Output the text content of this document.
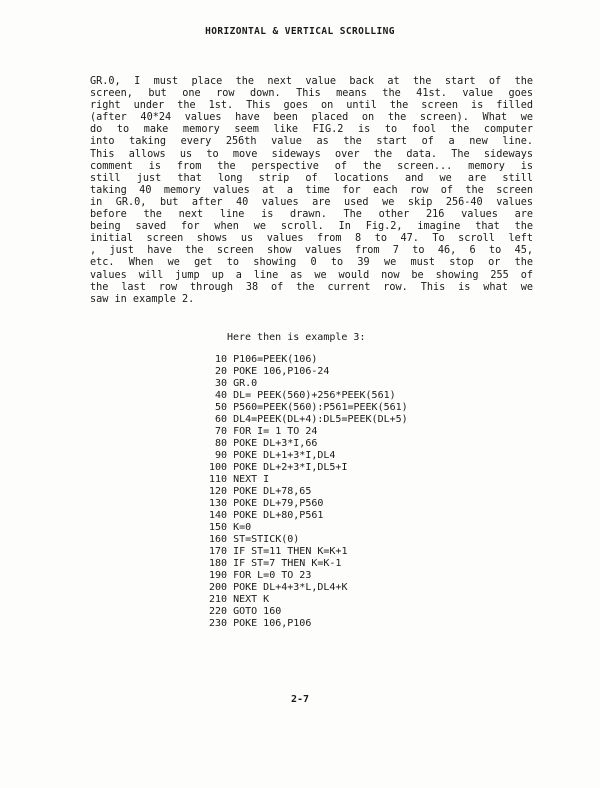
HORIZONTAL & VERTICAL SCROLLING
GR.0, I must place the next value back at the start of the
screen, but one row down. This means the 41st. value goes
right under the 1st. This goes on until the screen is filled
(after 40*24 values have been placed on the screen). What we
do to make memory seem like FIG.2 is to fool the computer
into taking every 256th value as the start of a new line.
This allows us to move sideways over the data. The sideways
comment is from the perspective of the screen... memory is
still just that long strip of locations and we are still
taking 40 memory values at a time for each row of the screen
in GR.0, but after 40 values are used we skip 256-40 values
before the next line is drawn. The other 216 values are
being saved for when we scroll. In Fig.2, imagine that the
initial screen shows us values from 8 to 47. To scroll left
, just have the screen show values from 7 to 46, 6 to 45,
etc. When we get to showing 0 to 39 we must stop or the
values will jump up a line as we would now be showing 255 of
the last row through 38 of the current row. This is what we
saw in example 2.
Here then is example 3:
10 P106=PEEK(106)
20 POKE 106,P106-24
30 GR.0
40 DL= PEEK(560)+256*PEEK(561)
50 P560=PEEK(560):P561=PEEK(561)
60 DL4=PEEK(DL+4):DL5=PEEK(DL+5)
70 FOR I= 1 TO 24
80 POKE DL+3*I,66
90 POKE DL+1+3*I,DL4
100 POKE DL+2+3*I,DL5+I
110 NEXT I
120 POKE DL+78,65
130 POKE DL+79,P560
140 POKE DL+80,P561
150 K=0
160 ST=STICK(0)
170 IF ST=11 THEN K=K+1
180 IF ST=7 THEN K=K-1
190 FOR L=0 TO 23
200 POKE DL+4+3*L,DL4+K
210 NEXT K
220 GOTO 160
230 POKE 106,P106
2-7
